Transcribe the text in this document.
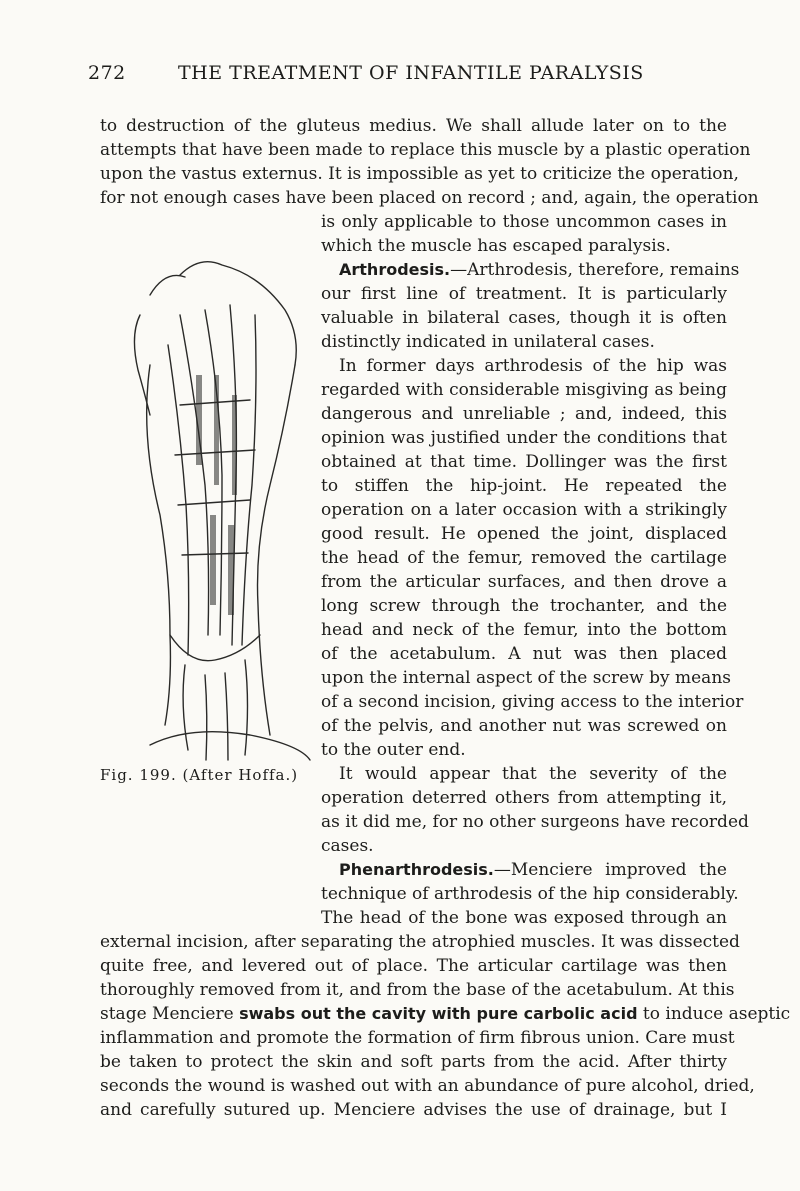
272	THE TREATMENT OF INFANTILE PARALYSIS

to destruction of the gluteus medius. We shall allude later on to the

attempts that have been made to replace this muscle by a plastic operation

upon the vastus externus. It is impossible as yet to criticize the operation,

for not enough cases have been placed on record ; and, again, the operation

is only applicable to those uncommon cases in

which the muscle has escaped paralysis.

Arthrodesis.—Arthrodesis, therefore, remains

our first line of treatment. It is particularly

valuable in bilateral cases, though it is often

distinctly indicated in unilateral cases.

In former days arthrodesis of the hip was

regarded with considerable misgiving as being

dangerous and unreliable ; and, indeed, this

opinion was justified under the conditions that

obtained at that time. Dollinger was the first

to stiffen the hip-joint. He repeated the

operation on a later occasion with a strikingly

good result. He opened the joint, displaced

the head of the femur, removed the cartilage

from the articular surfaces, and then drove a

long screw through the trochanter, and the

head and neck of the femur, into the bottom

of the acetabulum. A nut was then placed

upon the internal aspect of the screw by means

of a second incision, giving access to the interior

of the pelvis, and another nut was screwed on

to the outer end.

It would appear that the severity of the

operation deterred others from attempting it,

as it did me, for no other surgeons have recorded

cases.

Phenarthrodesis.—Menciere improved the

technique of arthrodesis of the hip considerably.

The head of the bone was exposed through an

external incision, after separating the atrophied muscles. It was dissected

quite free, and levered out of place. The articular cartilage was then

thoroughly removed from it, and from the base of the acetabulum. At this

stage Menciere swabs out the cavity with pure carbolic acid to induce aseptic

inflammation and promote the formation of firm fibrous union. Care must

be taken to protect the skin and soft parts from the acid. After thirty

seconds the wound is washed out with an abundance of pure alcohol, dried,

and carefully sutured up. Menciere advises the use of drainage, but I

Fig. 199. (After Hoffa.)
